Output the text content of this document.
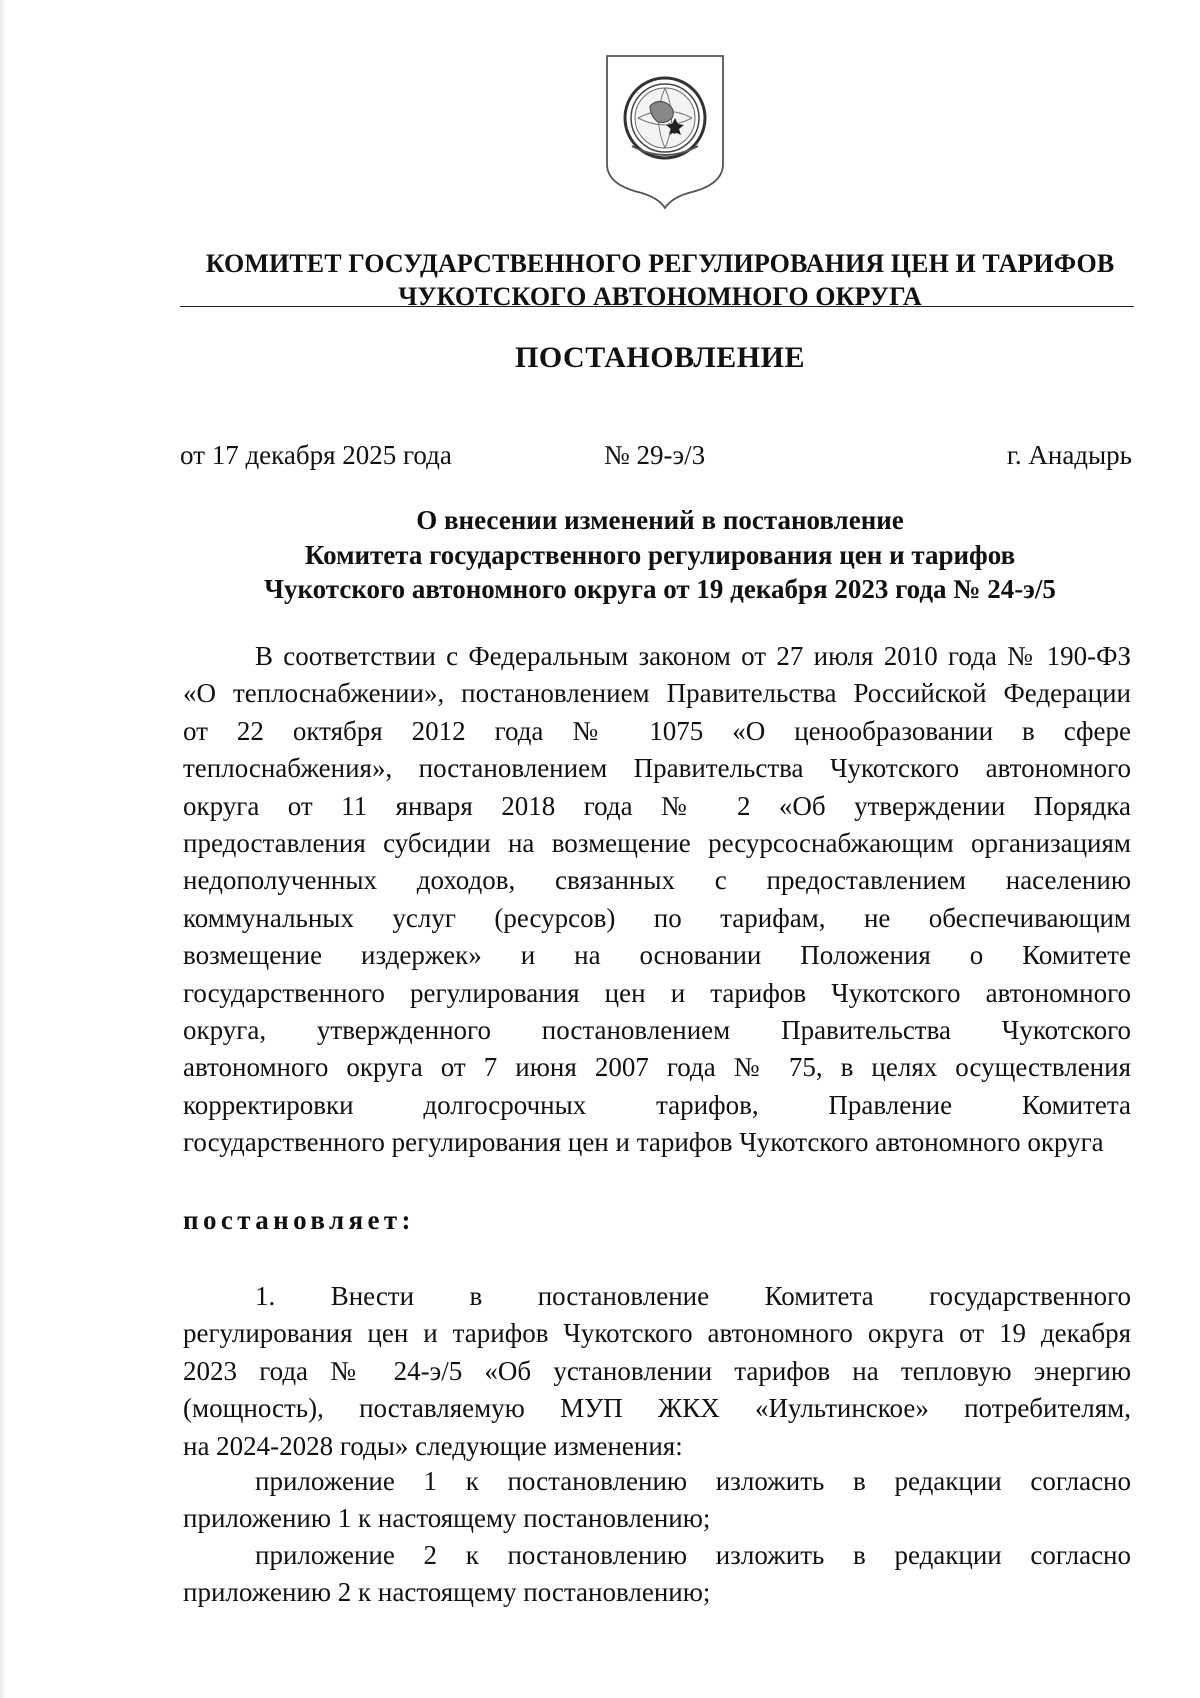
КОМИТЕТ ГОСУДАРСТВЕННОГО РЕГУЛИРОВАНИЯ ЦЕН И ТАРИФОВ
ЧУКОТСКОГО АВТОНОМНОГО ОКРУГА
ПОСТАНОВЛЕНИЕ
от 17 декабря 2025 года	№ 29-э/3	г. Анадырь
О внесении изменений в постановление
Комитета государственного регулирования цен и тарифов
Чукотского автономного округа от 19 декабря 2023 года № 24-э/5
В соответствии с Федеральным законом от 27 июля 2010 года № 190-ФЗ
«О теплоснабжении», постановлением Правительства Российской Федерации
от 22 октября 2012 года № 1075 «О ценообразовании в сфере
теплоснабжения», постановлением Правительства Чукотского автономного
округа от 11 января 2018 года № 2 «Об утверждении Порядка
предоставления субсидии на возмещение ресурсоснабжающим организациям
недополученных доходов, связанных с предоставлением населению
коммунальных услуг (ресурсов) по тарифам, не обеспечивающим
возмещение издержек» и на основании Положения о Комитете
государственного регулирования цен и тарифов Чукотского автономного
округа, утвержденного постановлением Правительства Чукотского
автономного округа от 7 июня 2007 года № 75, в целях осуществления
корректировки долгосрочных тарифов, Правление Комитета
государственного регулирования цен и тарифов Чукотского автономного округа
постановляет:
1. Внести в постановление Комитета государственного
регулирования цен и тарифов Чукотского автономного округа от 19 декабря
2023 года № 24-э/5 «Об установлении тарифов на тепловую энергию
(мощность), поставляемую МУП ЖКХ «Иультинское» потребителям,
на 2024-2028 годы» следующие изменения:
приложение 1 к постановлению изложить в редакции согласно
приложению 1 к настоящему постановлению;
приложение 2 к постановлению изложить в редакции согласно
приложению 2 к настоящему постановлению;
